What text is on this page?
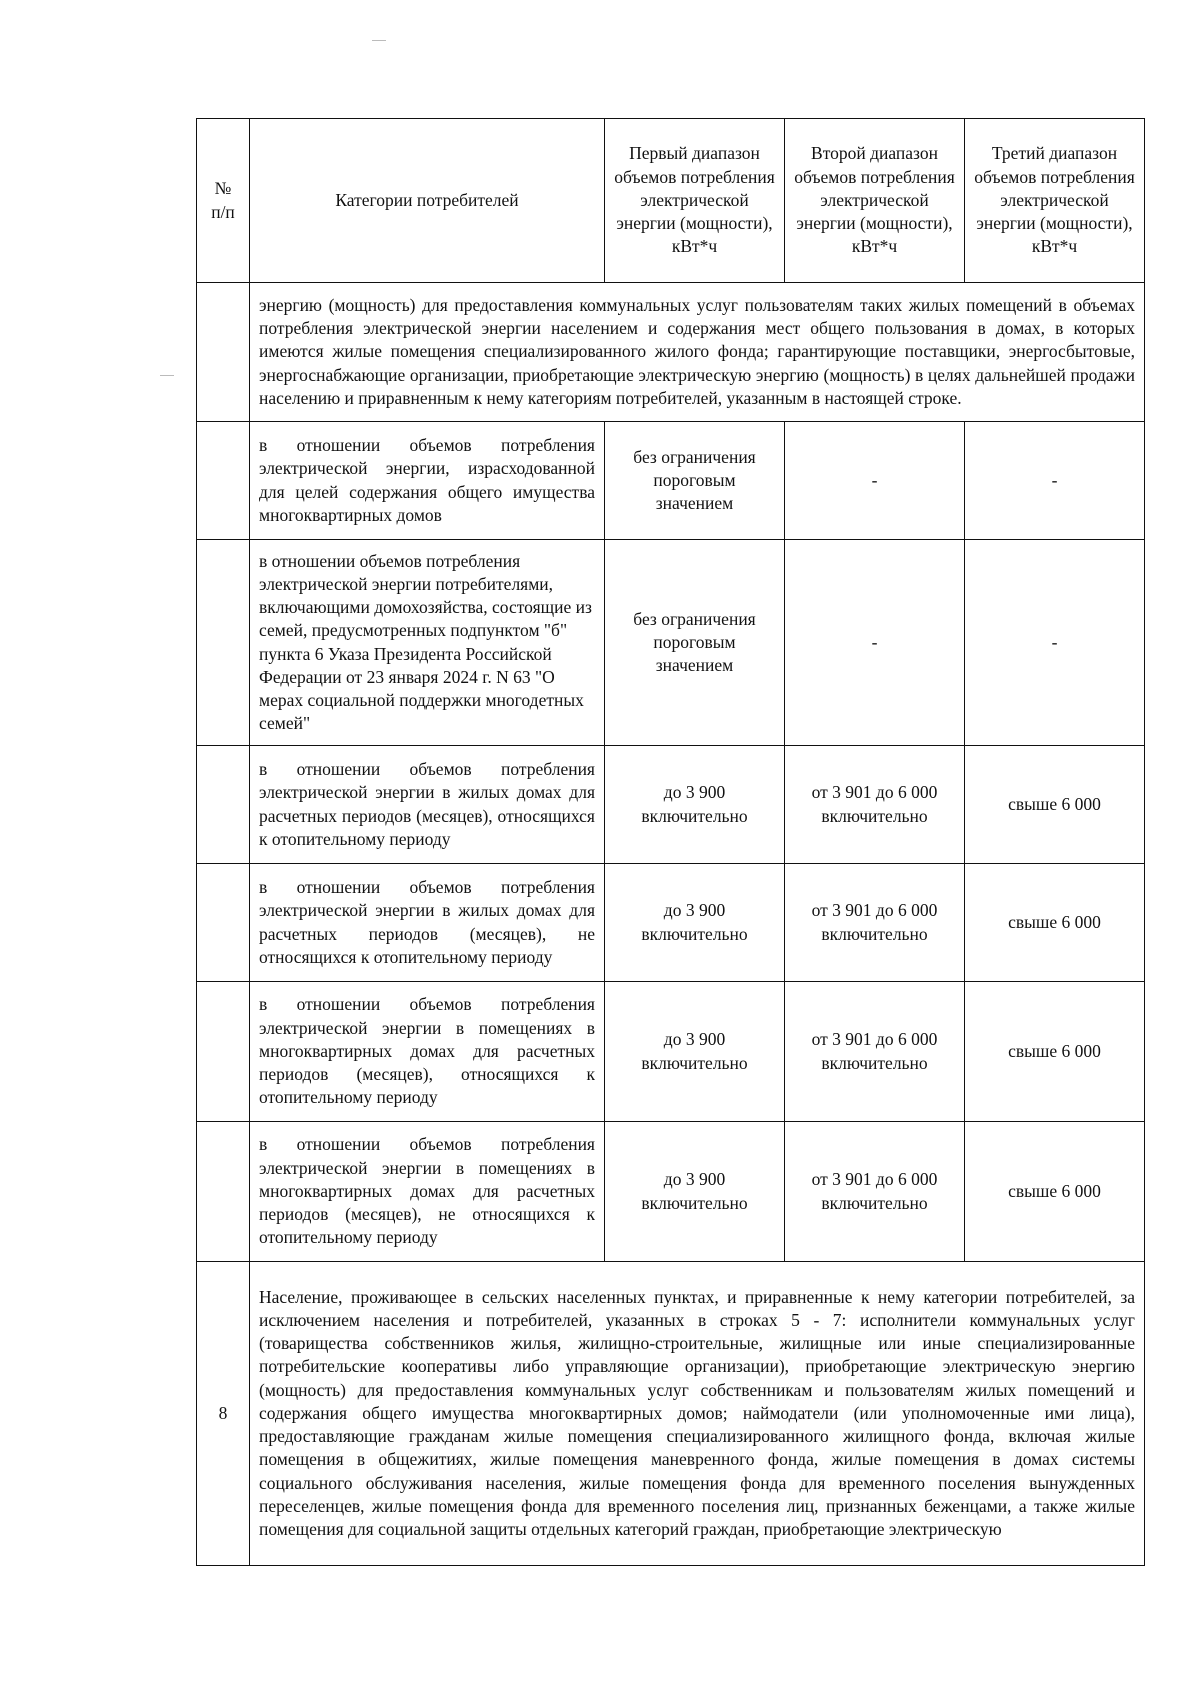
№ п/п	Категории потребителей	Первый диапазон объемов потребления электрической энергии (мощности), кВт*ч	Второй диапазон объемов потребления электрической энергии (мощности), кВт*ч	Третий диапазон объемов потребления электрической энергии (мощности), кВт*ч
	энергию (мощность) для предоставления коммунальных услуг пользователям таких жилых помещений в объемах потребления электрической энергии населением и содержания мест общего пользования в домах, в которых имеются жилые помещения специализированного жилого фонда; гарантирующие поставщики, энергосбытовые, энергоснабжающие организации, приобретающие электрическую энергию (мощность) в целях дальнейшей продажи населению и приравненным к нему категориям потребителей, указанным в настоящей строке.			
	в отношении объемов потребления электрической энергии, израсходованной для целей содержания общего имущества многоквартирных домов	без ограничения пороговым значением	-	-
	в отношении объемов потребления электрической энергии потребителями, включающими домохозяйства, состоящие из семей, предусмотренных подпунктом "б" пункта 6 Указа Президента Российской Федерации от 23 января 2024 г. N 63 "О мерах социальной поддержки многодетных семей"	без ограничения пороговым значением	-	-
	в отношении объемов потребления электрической энергии в жилых домах для расчетных периодов (месяцев), относящихся к отопительному периоду	до 3 900 включительно	от 3 901 до 6 000 включительно	свыше 6 000
	в отношении объемов потребления электрической энергии в жилых домах для расчетных периодов (месяцев), не относящихся к отопительному периоду	до 3 900 включительно	от 3 901 до 6 000 включительно	свыше 6 000
	в отношении объемов потребления электрической энергии в помещениях в многоквартирных домах для расчетных периодов (месяцев), относящихся к отопительному периоду	до 3 900 включительно	от 3 901 до 6 000 включительно	свыше 6 000
	в отношении объемов потребления электрической энергии в помещениях в многоквартирных домах для расчетных периодов (месяцев), не относящихся к отопительному периоду	до 3 900 включительно	от 3 901 до 6 000 включительно	свыше 6 000
8	Население, проживающее в сельских населенных пунктах, и приравненные к нему категории потребителей, за исключением населения и потребителей, указанных в строках 5 - 7: исполнители коммунальных услуг (товарищества собственников жилья, жилищно-строительные, жилищные или иные специализированные потребительские кооперативы либо управляющие организации), приобретающие электрическую энергию (мощность) для предоставления коммунальных услуг собственникам и пользователям жилых помещений и содержания общего имущества многоквартирных домов; наймодатели (или уполномоченные ими лица), предоставляющие гражданам жилые помещения специализированного жилищного фонда, включая жилые помещения в общежитиях, жилые помещения маневренного фонда, жилые помещения в домах системы социального обслуживания населения, жилые помещения фонда для временного поселения вынужденных переселенцев, жилые помещения фонда для временного поселения лиц, признанных беженцами, а также жилые помещения для социальной защиты отдельных категорий граждан, приобретающие электрическую			
